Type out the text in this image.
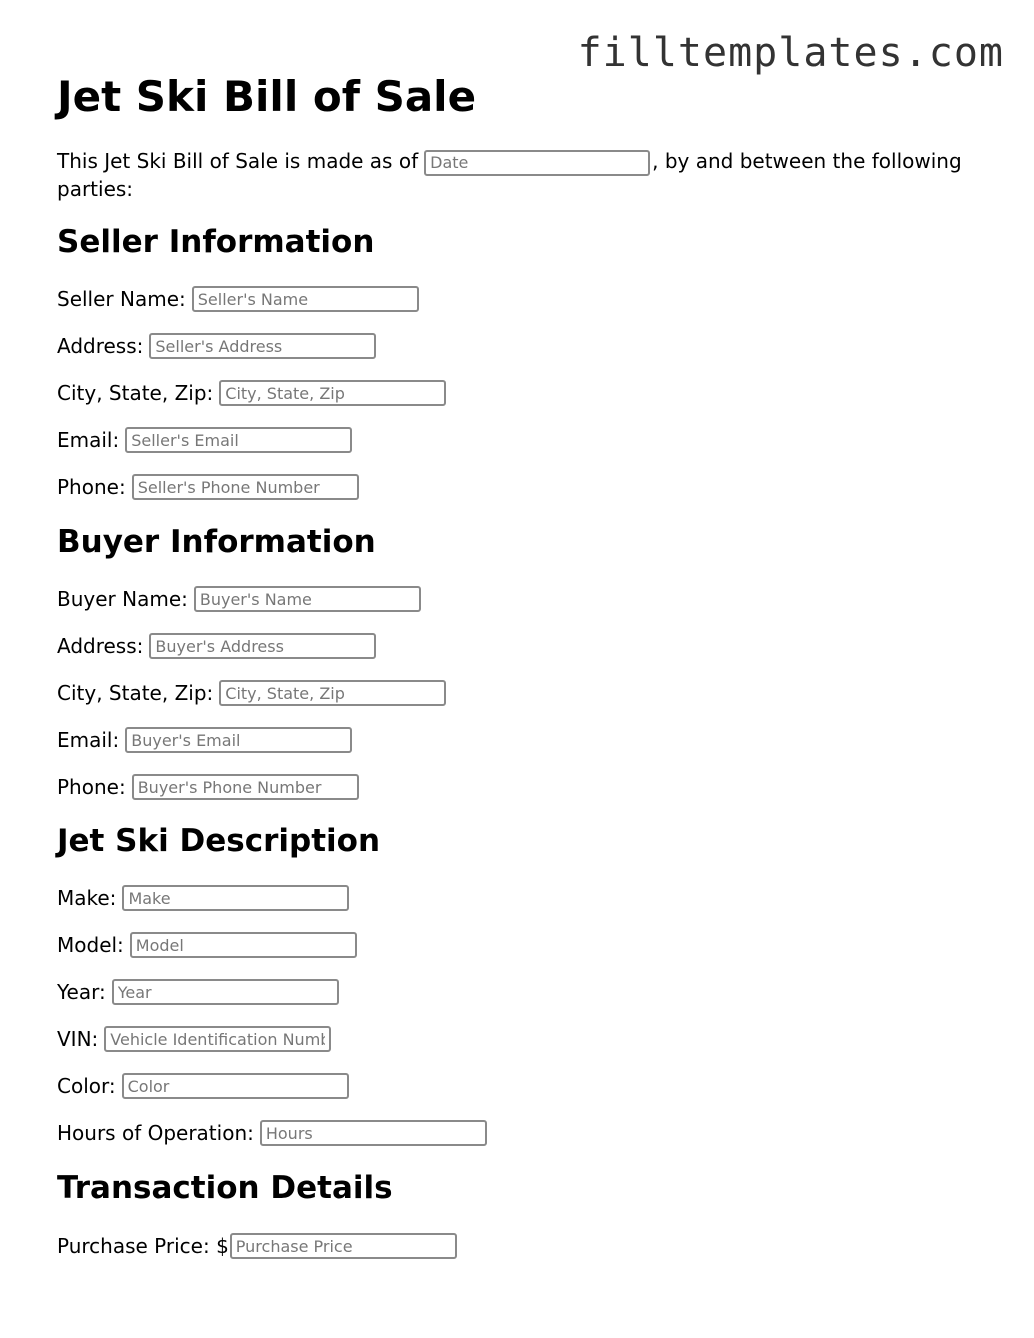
filltemplates.com
Jet Ski Bill of Sale

This Jet Ski Bill of Sale is made as ofDate	, by and between the following parties:

Seller Information
Seller Name:
Seller's Name
Address:
Seller's Address
City, State, Zip:
City, State, Zip
Email:
Seller's Email
Phone:
Seller's Phone Number
Buyer Information
Buyer Name:
Buyer's Name
Address:
Buyer's Address
City, State, Zip:
City, State, Zip
Email:
Buyer's Email
Phone:
Buyer's Phone Number
Jet Ski Description
Make:
Make
Model:
Model
Year:
Year
VIN:
Vehicle Identification Number
Color:
Color
Hours of Operation:
Hours
Transaction Details
Purchase Price: $
Purchase Price
